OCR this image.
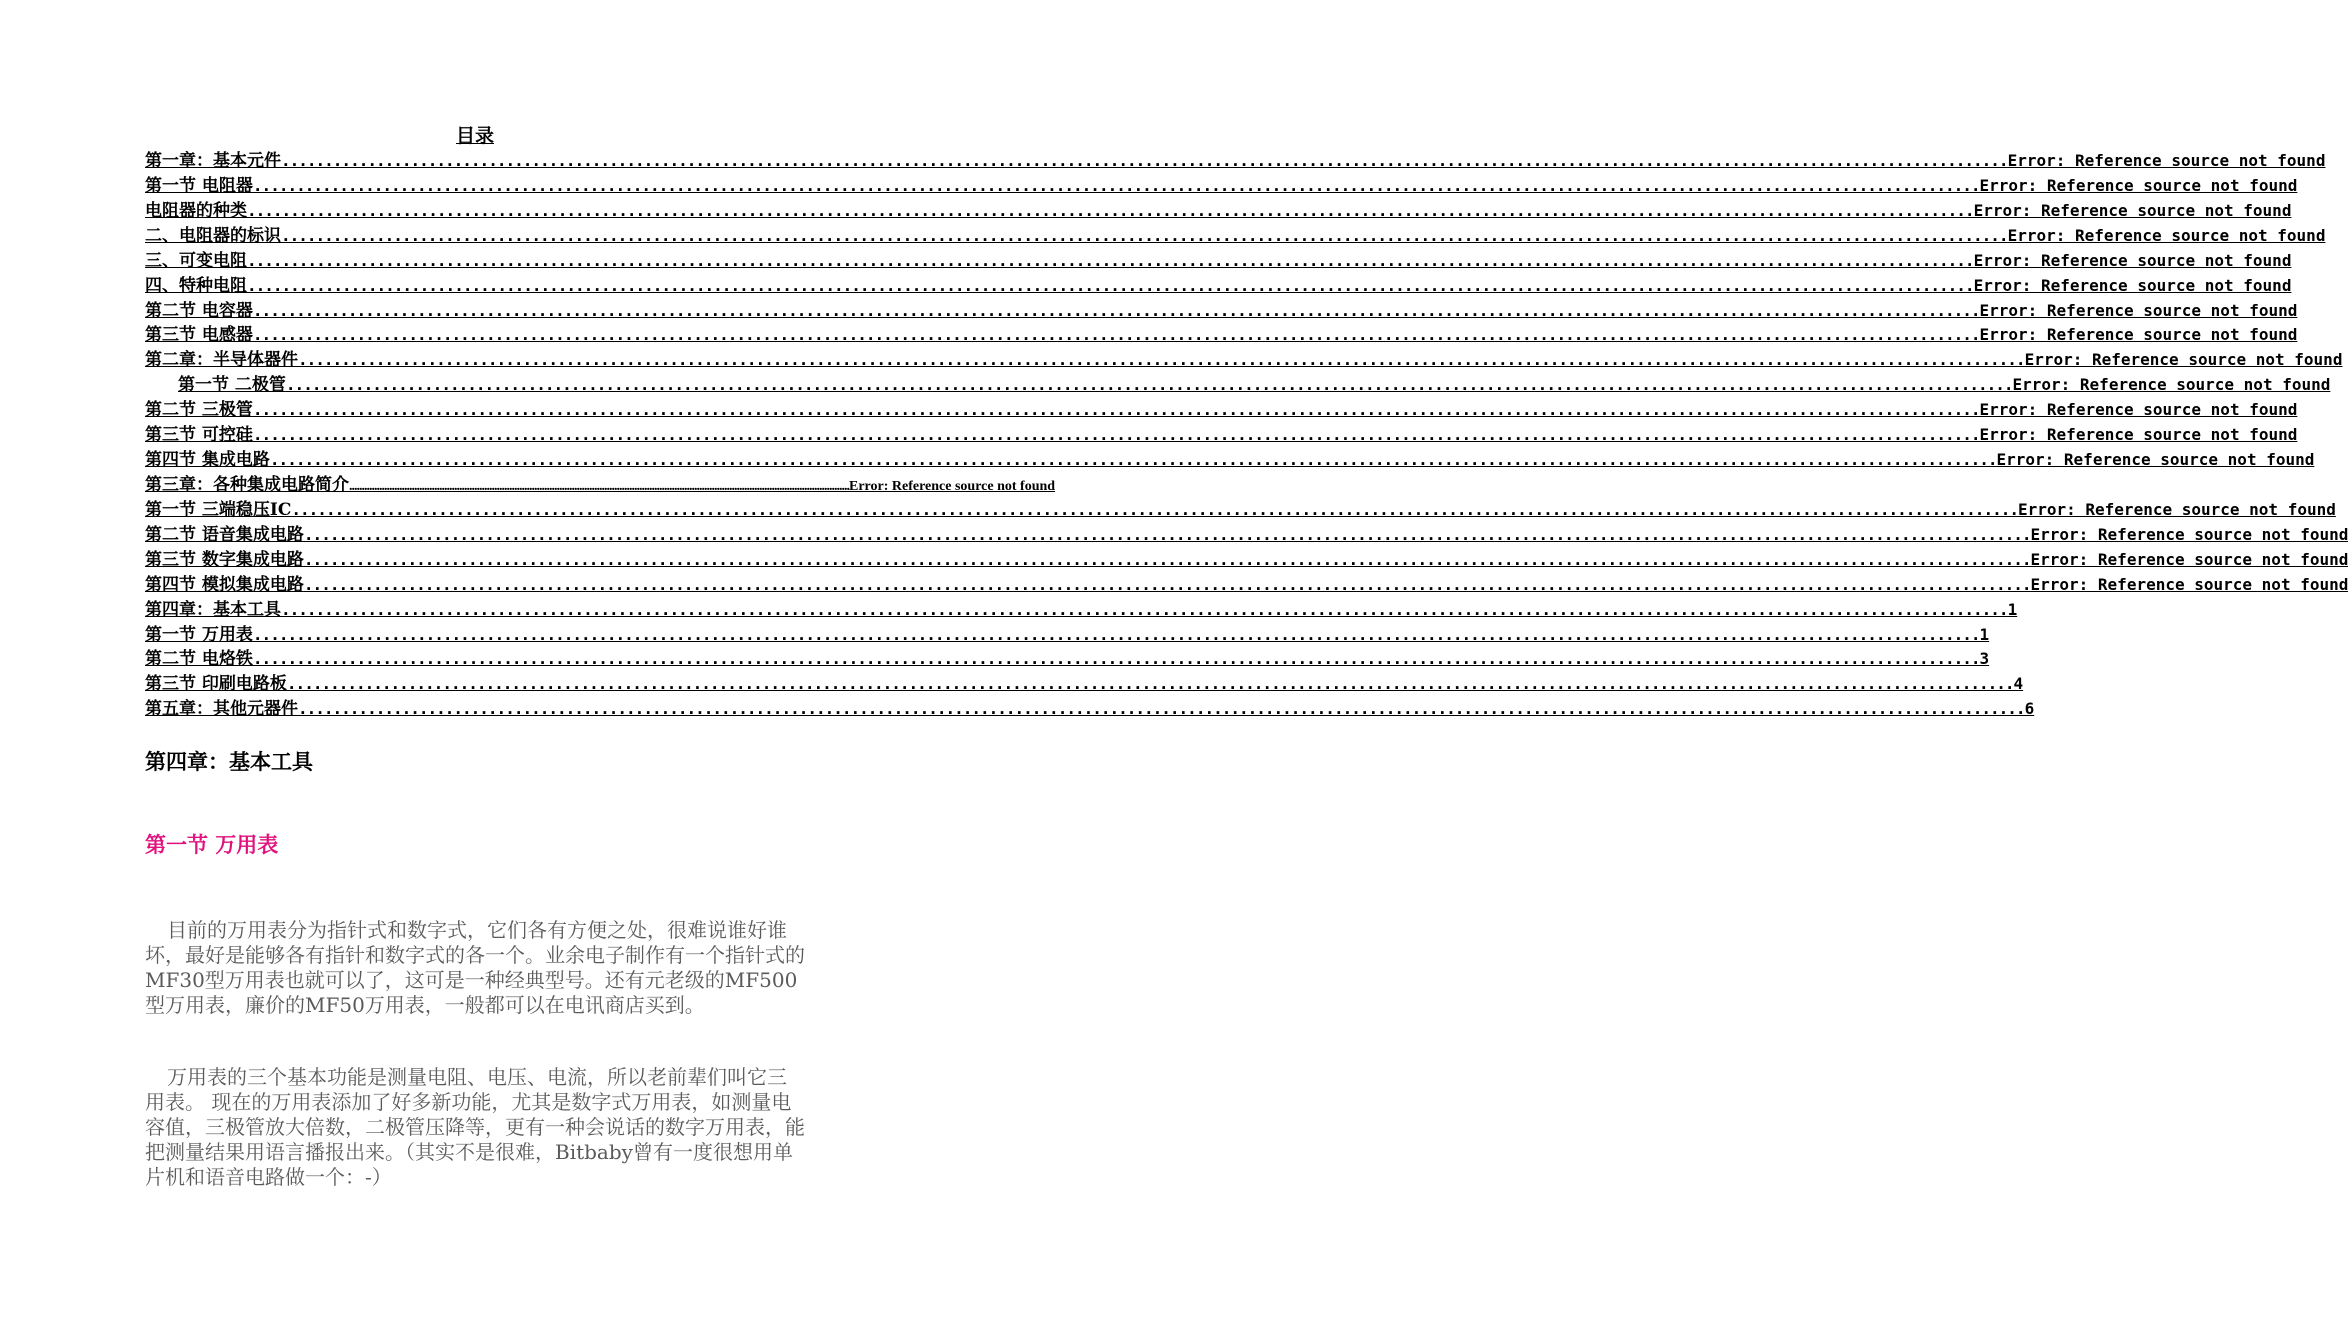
目录
第一章：基本元件 ........................................................................................................................................................................................................ Error: Reference source not found
第一节 电阻器 ........................................................................................................................................................................................................ Error: Reference source not found
电阻器的种类 ........................................................................................................................................................................................................ Error: Reference source not found
二、电阻器的标识 ........................................................................................................................................................................................................ Error: Reference source not found
三、可变电阻 ........................................................................................................................................................................................................ Error: Reference source not found
四、特种电阻 ........................................................................................................................................................................................................ Error: Reference source not found
第二节 电容器 ........................................................................................................................................................................................................ Error: Reference source not found
第三节 电感器 ........................................................................................................................................................................................................ Error: Reference source not found
第二章：半导体器件 ........................................................................................................................................................................................................ Error: Reference source not found
第一节 二极管 ........................................................................................................................................................................................................ Error: Reference source not found
第二节 三极管 ........................................................................................................................................................................................................ Error: Reference source not found
第三节 可控硅 ........................................................................................................................................................................................................ Error: Reference source not found
第四节 集成电路 ........................................................................................................................................................................................................ Error: Reference source not found
第三章：各种集成电路简介 ........................................................................................................................................................................................................ Error: Reference source not found
第一节 三端稳压IC ........................................................................................................................................................................................................ Error: Reference source not found
第二节 语音集成电路 ........................................................................................................................................................................................................ Error: Reference source not found
第三节 数字集成电路 ........................................................................................................................................................................................................ Error: Reference source not found
第四节 模拟集成电路 ........................................................................................................................................................................................................ Error: Reference source not found
第四章：基本工具 ........................................................................................................................................................................................................ 1
第一节 万用表 ........................................................................................................................................................................................................ 1
第二节 电烙铁 ........................................................................................................................................................................................................ 3
第三节 印刷电路板 ........................................................................................................................................................................................................ 4
第五章：其他元器件 ........................................................................................................................................................................................................ 6
第四章：基本工具
第一节 万用表

目前的万用表分为指针式和数字式，它们各有方便之处，很难说谁好谁坏，最好是能够各有指针和数字式的各一个。业余电子制作有一个指针式的MF30型万用表也就可以了，这可是一种经典型号。还有元老级的MF500型万用表，廉价的MF50万用表，一般都可以在电讯商店买到。

万用表的三个基本功能是测量电阻、电压、电流，所以老前辈们叫它三用表。 现在的万用表添加了好多新功能，尤其是数字式万用表，如测量电容值，三极管放大倍数，二极管压降等，更有一种会说话的数字万用表，能把测量结果用语言播报出来。（其实不是很难，Bitbaby曾有一度很想用单片机和语音电路做一个：-）
